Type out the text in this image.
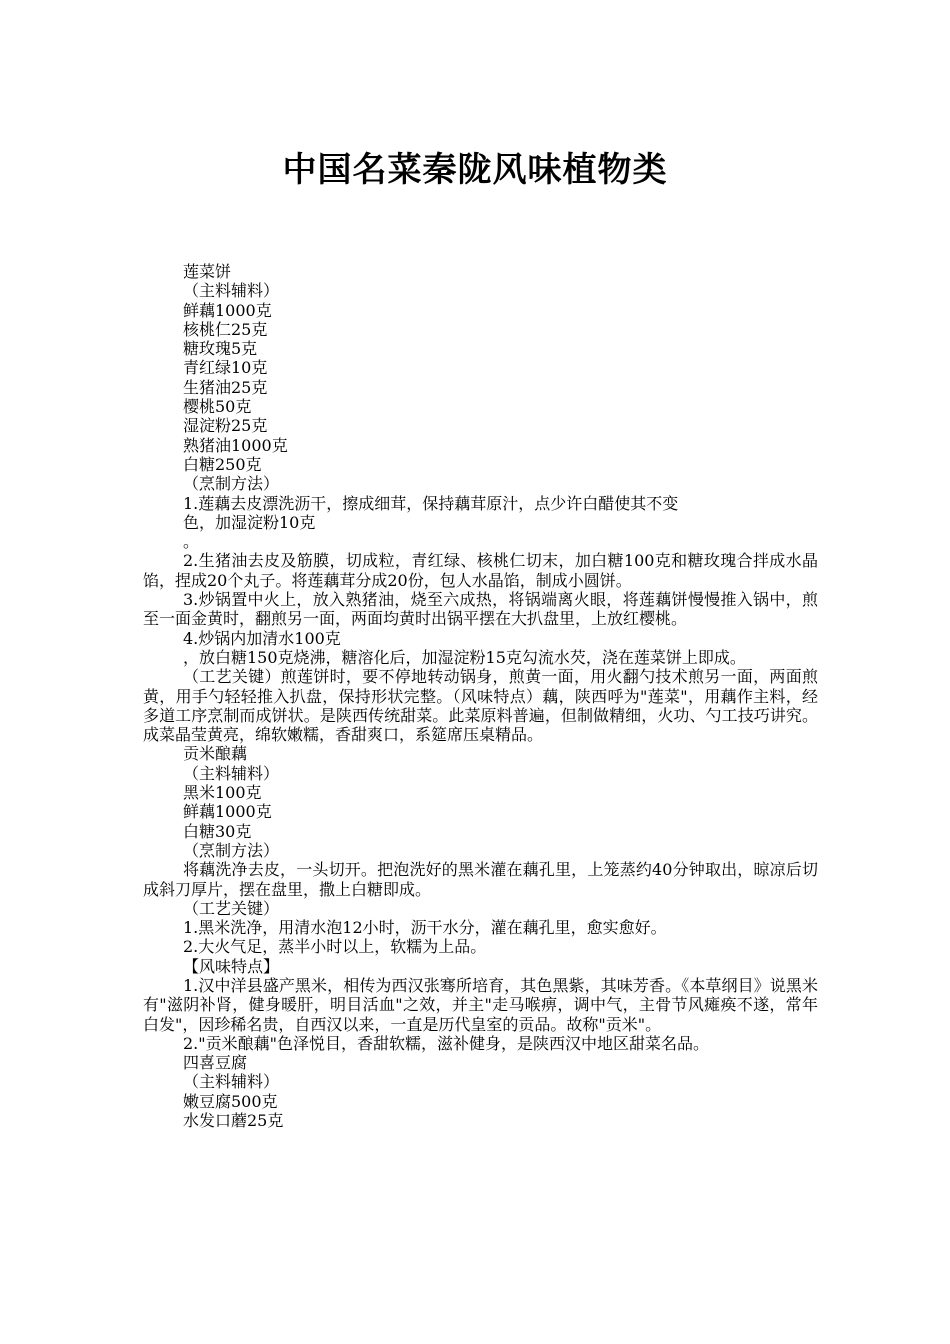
中国名菜秦陇风味植物类

莲菜饼

（主料辅料）

鲜藕1000克

核桃仁25克

糖玫瑰5克

青红绿10克

生猪油25克

樱桃50克

湿淀粉25克

熟猪油1000克

白糖250克

（烹制方法）

1.莲藕去皮漂洗沥干，擦成细茸，保持藕茸原汁，点少许白醋使其不变

色，加湿淀粉10克

。

2.生猪油去皮及筋膜，切成粒，青红绿、核桃仁切末，加白糖100克和糖玫瑰合拌成水晶馅，捏成20个丸子。将莲藕茸分成20份，包人水晶馅，制成小圆饼。

3.炒锅置中火上，放入熟猪油，烧至六成热，将锅端离火眼，将莲藕饼慢慢推入锅中，煎至一面金黄时，翻煎另一面，两面均黄时出锅平摆在大扒盘里，上放红樱桃。

4.炒锅内加清水100克

，放白糖150克烧沸，糖溶化后，加湿淀粉15克勾流水芡，浇在莲菜饼上即成。

（工艺关键）煎莲饼时，要不停地转动锅身，煎黄一面，用火翻勺技术煎另一面，两面煎黄，用手勺轻轻推入扒盘，保持形状完整。（风味特点）藕，陕西呼为"莲菜"，用藕作主料，经多道工序烹制而成饼状。是陕西传统甜菜。此菜原料普遍，但制做精细，火功、勺工技巧讲究。成菜晶莹黄亮，绵软嫩糯，香甜爽口，系筵席压桌精品。

贡米酿藕

（主料辅料）

黑米100克

鲜藕1000克

白糖30克

（烹制方法）

将藕洗净去皮，一头切开。把泡洗好的黑米灌在藕孔里，上笼蒸约40分钟取出，晾凉后切成斜刀厚片，摆在盘里，撒上白糖即成。

（工艺关键）

1.黑米洗净，用清水泡12小时，沥干水分，灌在藕孔里，愈实愈好。

2.大火气足，蒸半小时以上，软糯为上品。

【风味特点】

1.汉中洋县盛产黑米，相传为西汉张骞所培育，其色黑紫，其味芳香。《本草纲目》说黑米有"滋阴补肾，健身暖肝，明目活血"之效，并主"走马喉痹，调中气，主骨节风瘫痪不遂，常年白发"，因珍稀名贵，自西汉以来，一直是历代皇室的贡品。故称"贡米"。

2."贡米酿藕"色泽悦目，香甜软糯，滋补健身，是陕西汉中地区甜菜名品。

四喜豆腐

（主料辅料）

嫩豆腐500克

水发口蘑25克
